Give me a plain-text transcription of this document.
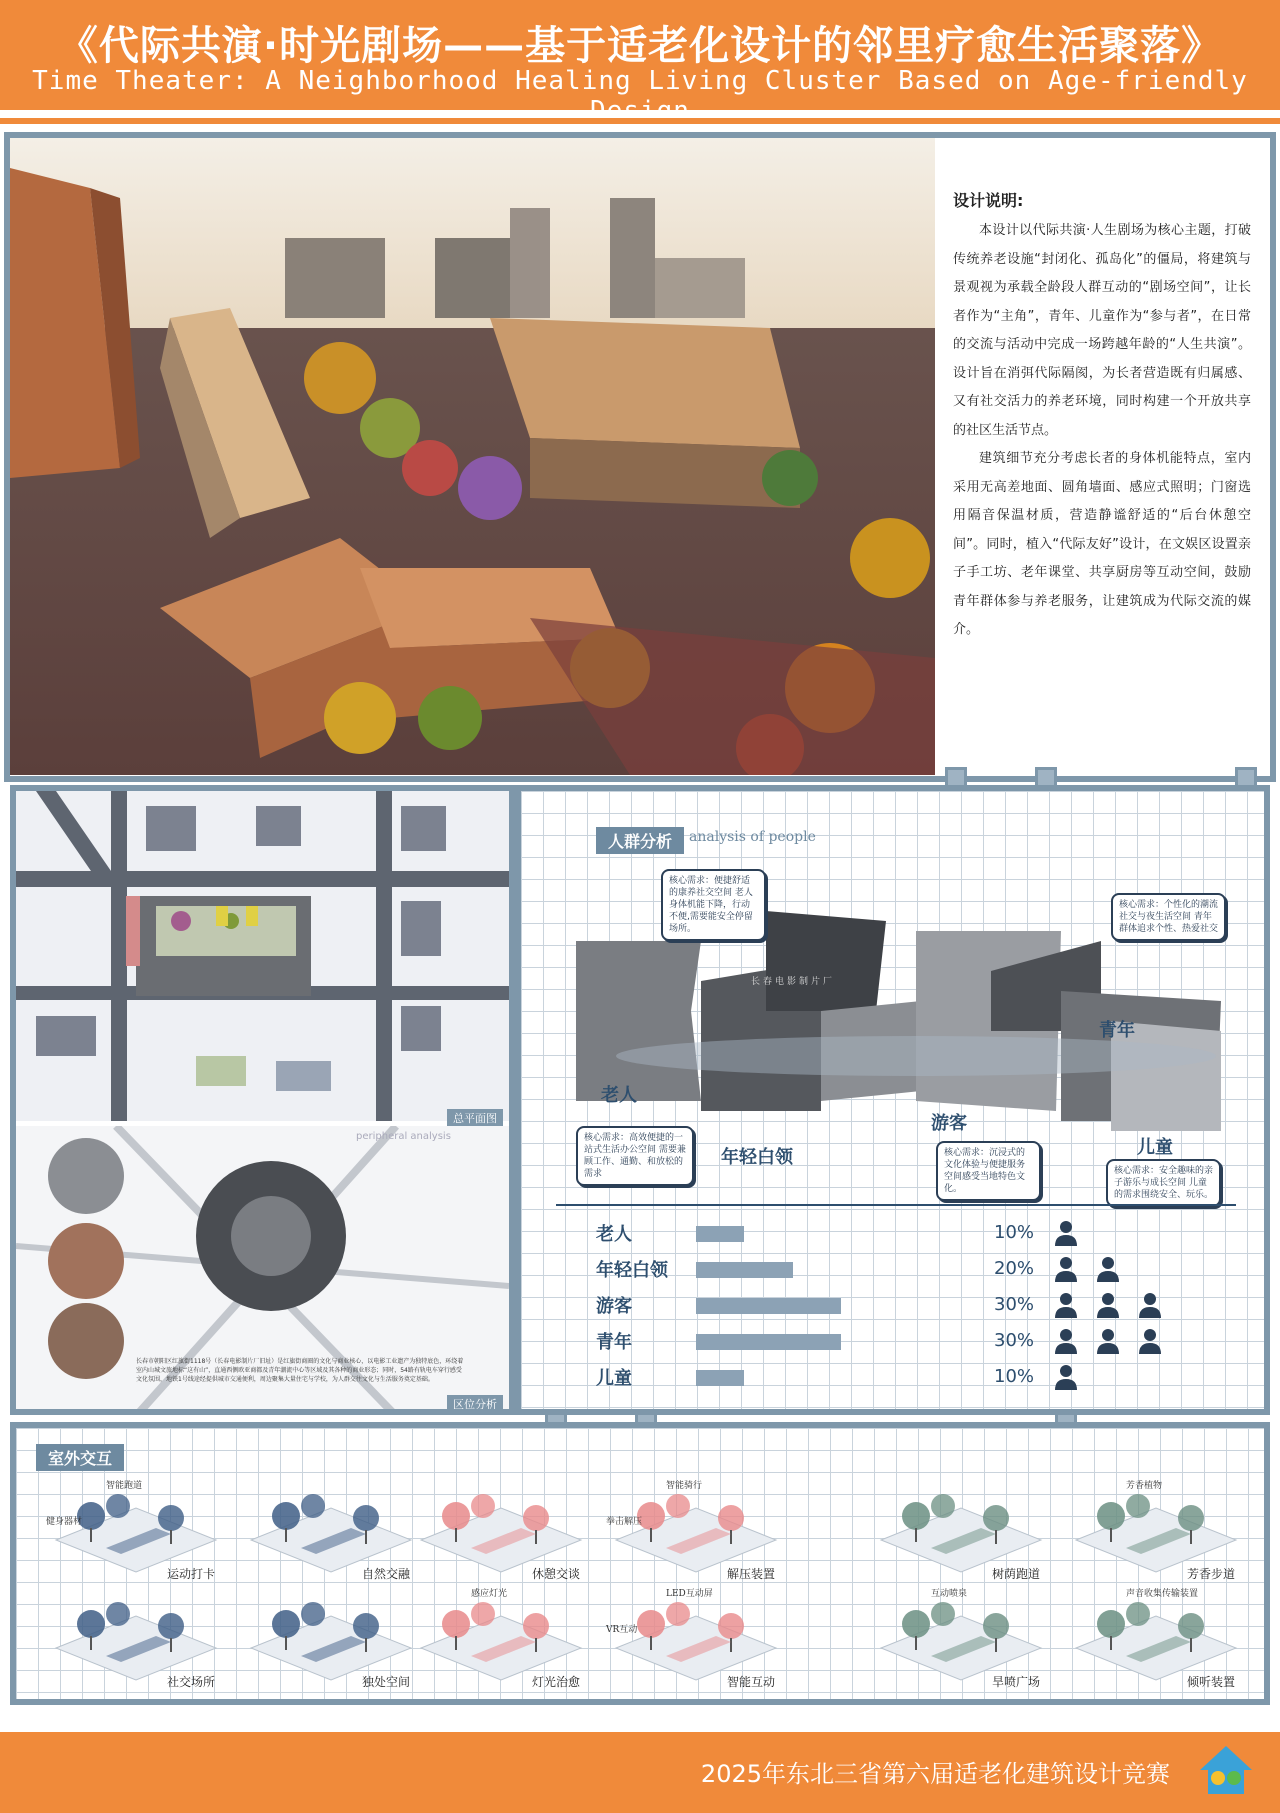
《代际共演·时光剧场——基于适老化设计的邻里疗愈生活聚落》
Time Theater: A Neighborhood Healing Living Cluster Based on Age-friendly
设计说明:

本设计以代际共演·人生剧场为核心主题，打破传统养老设施“封闭化、孤岛化”的僵局，将建筑与景观视为承载全龄段人群互动的“剧场空间”，让长者作为“主角”，青年、儿童作为“参与者”，在日常的交流与活动中完成一场跨越年龄的“人生共演”。设计旨在消弭代际隔阂，为长者营造既有归属感、又有社交活力的养老环境，同时构建一个开放共享的社区生活节点。

建筑细节充分考虑长者的身体机能特点，室内采用无高差地面、圆角墙面、感应式照明；门窗选用隔音保温材质，营造静谧舒适的“后台休憩空间”。同时，植入“代际友好”设计，在文娱区设置亲子手工坊、老年课堂、共享厨房等互动空间，鼓励青年群体参与养老服务，让建筑成为代际交流的媒介。

总平面图
peripheral analysis
长春市朝阳区红旗街1118号（长春电影制片厂旧址）是红旗街商圈的文化与商业核心，以电影工业遗产为独特底色，环绕着室内山城文旅地标“这有山”，直通西侧欧亚商都及青年潮流中心等区域及其各种的商业形态；同时，54路有轨电车穿行感受文化氛围，地铁1号线途经提供城市交通便利，周边聚集大量住宅与学校，为人群交往文化与生活服务奠定基础。
区位分析
人群分析	analysis of people
长春电影制片厂
核心需求：便捷舒适的康养社交空间 老人身体机能下降，行动不便,需要能安全停留场所。
老人
核心需求：高效便捷的一站式生活办公空间 需要兼顾工作、通勤、和放松的需求
年轻白领	核心需求：沉浸式的文化体验与便捷服务空间感受当地特色文化。
游客
核心需求：个性化的潮流社交与夜生活空间 青年群体追求个性、热爱社交
青年
核心需求：安全趣味的亲子游乐与成长空间 儿童的需求围绕安全、玩乐。
儿童
老人	10%
年轻白领	20%
游客	30%
青年	30%
儿童	10%
室外交互
运动打卡
智能跑道
健身器材
自然交融
社交场所	独处空间
休憩交谈
灯光治愈
感应灯光
解压装置
智能骑行
拳击解压
智能互动
LED互动屏
VR互动
树荫跑道	芳香步道
芳香植物
旱喷广场
互动喷泉
倾听装置
声音收集传输装置
2025年东北三省第六届适老化建筑设计竞赛
